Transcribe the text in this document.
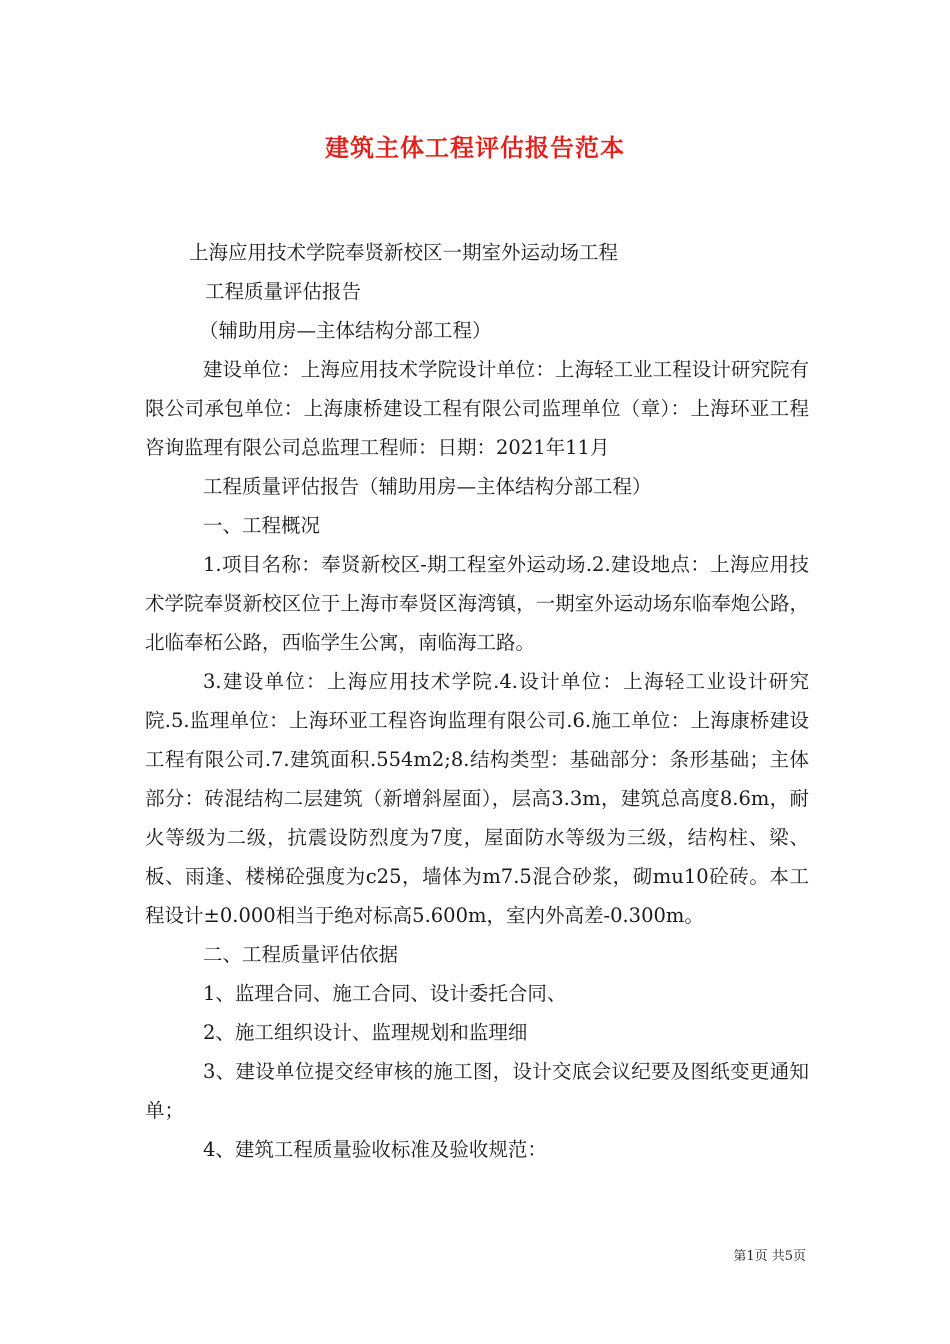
建筑主体工程评估报告范本

上海应用技术学院奉贤新校区一期室外运动场工程

工程质量评估报告

（辅助用房—主体结构分部工程）

建设单位：上海应用技术学院设计单位：上海轻工业工程设计研究院有限公司承包单位：上海康桥建设工程有限公司监理单位（章）：上海环亚工程咨询监理有限公司总监理工程师：日期：2021年11月

工程质量评估报告（辅助用房—主体结构分部工程）

一、工程概况

1.项目名称：奉贤新校区-期工程室外运动场.2.建设地点：上海应用技术学院奉贤新校区位于上海市奉贤区海湾镇，一期室外运动场东临奉炮公路，北临奉柘公路，西临学生公寓，南临海工路。

3.建设单位：上海应用技术学院.4.设计单位：上海轻工业设计研究院.5.监理单位：上海环亚工程咨询监理有限公司.6.施工单位：上海康桥建设工程有限公司.7.建筑面积.554m2;8.结构类型：基础部分：条形基础；主体部分：砖混结构二层建筑（新增斜屋面），层高3.3m，建筑总高度8.6m，耐火等级为二级，抗震设防烈度为7度，屋面防水等级为三级，结构柱、梁、板、雨逢、楼梯砼强度为c25，墙体为m7.5混合砂浆，砌mu10砼砖。本工程设计±0.000相当于绝对标高5.600m，室内外高差-0.300m。

二、工程质量评估依据

1、监理合同、施工合同、设计委托合同、

2、施工组织设计、监理规划和监理细

3、建设单位提交经审核的施工图，设计交底会议纪要及图纸变更通知单；

4、建筑工程质量验收标准及验收规范：

第1页 共5页
